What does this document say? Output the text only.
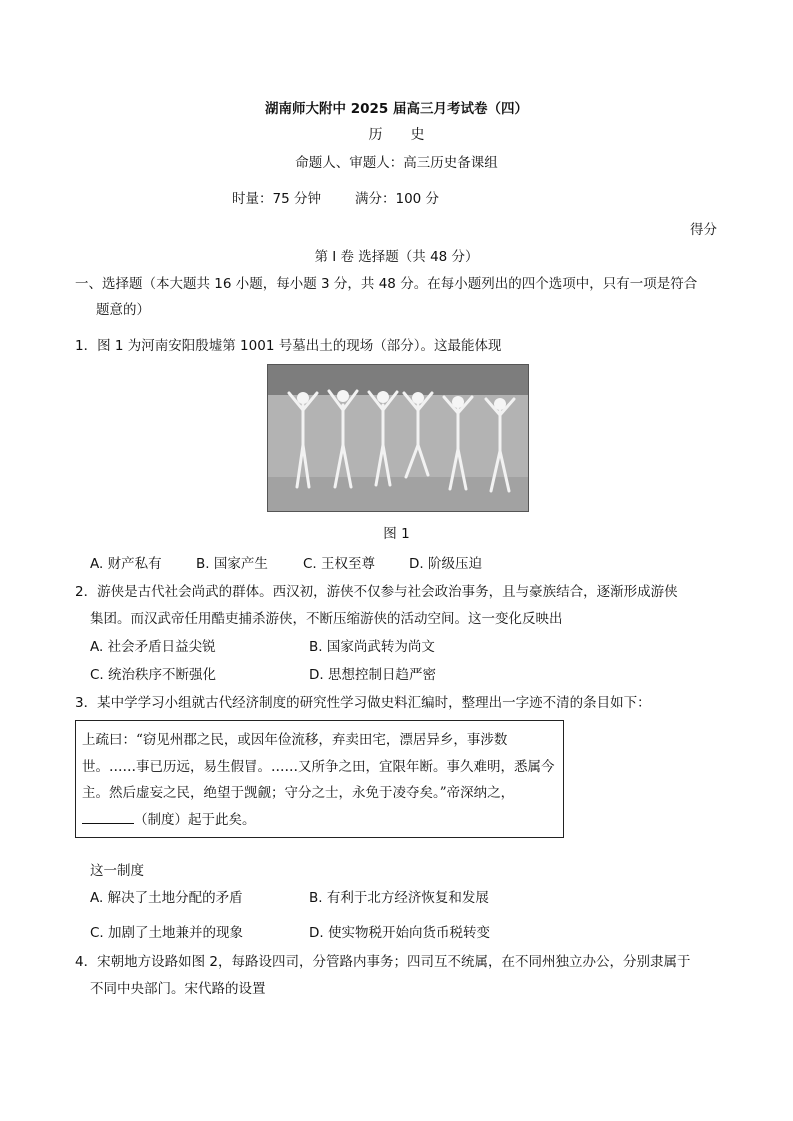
湖南师大附中 2025 届高三月考试卷（四）
历　　史
命题人、审题人：高三历史备课组
时量：75 分钟	满分：100 分
得分
第 I 卷 选择题（共 48 分）
一、选择题（本大题共 16 小题，每小题 3 分，共 48 分。在每小题列出的四个选项中，只有一项是符合
题意的）
1．图 1 为河南安阳殷墟第 1001 号墓出土的现场（部分）。这最能体现
图 1
A. 财产私有	B. 国家产生	C. 王权至尊	D. 阶级压迫
2．游侠是古代社会尚武的群体。西汉初，游侠不仅参与社会政治事务，且与豪族结合，逐渐形成游侠
集团。而汉武帝任用酷吏捕杀游侠，不断压缩游侠的活动空间。这一变化反映出
A. 社会矛盾日益尖锐	B. 国家尚武转为尚文
C. 统治秩序不断强化	D. 思想控制日趋严密
3．某中学学习小组就古代经济制度的研究性学习做史料汇编时，整理出一字迹不清的条目如下：
上疏曰：“窃见州郡之民，或因年俭流移，弃卖田宅，漂居异乡，事涉数世。……事已历远，易生假冒。……又所争之田，宜限年断。事久难明，悉属今主。然后虚妄之民，绝望于觊觎；守分之士，永免于凌夺矣。”帝深纳之，（制度）起于此矣。
这一制度
A. 解决了土地分配的矛盾	B. 有利于北方经济恢复和发展
C. 加剧了土地兼并的现象	D. 使实物税开始向货币税转变
4．宋朝地方设路如图 2，每路设四司，分管路内事务；四司互不统属，在不同州独立办公，分别隶属于
不同中央部门。宋代路的设置
